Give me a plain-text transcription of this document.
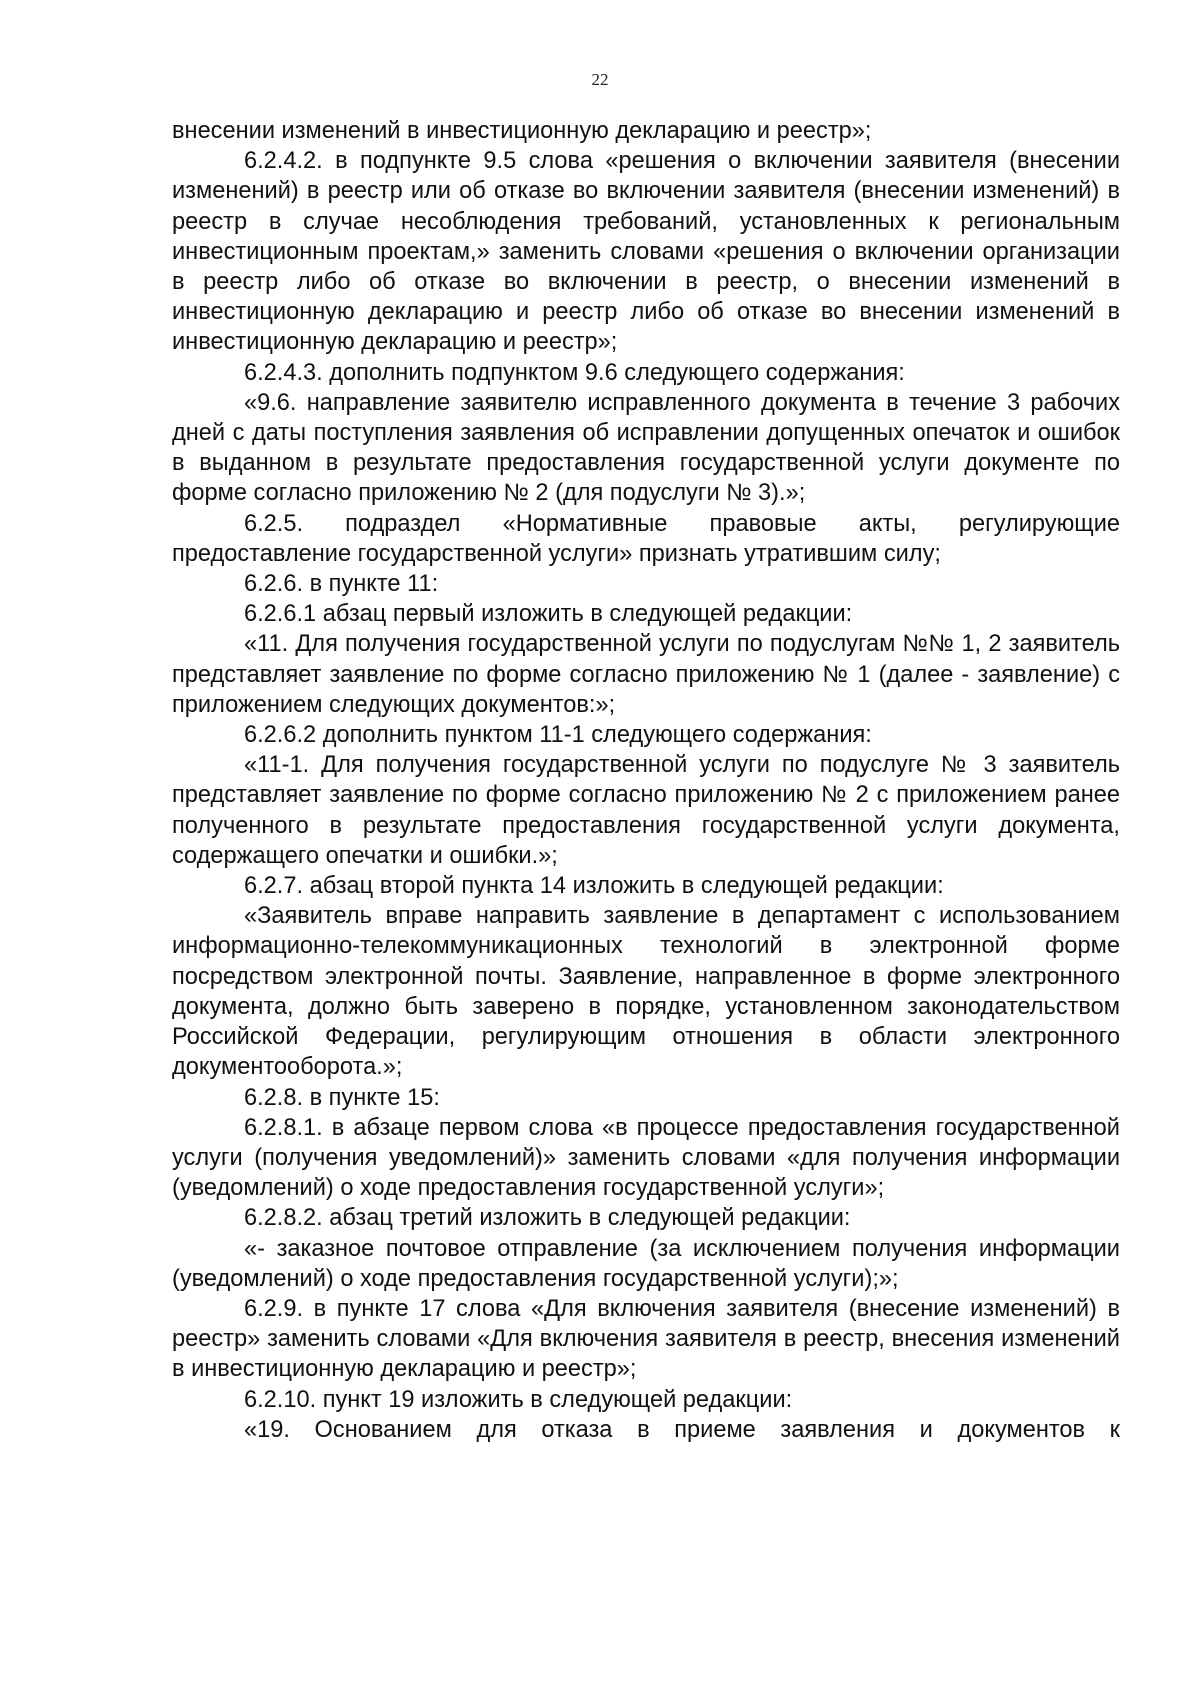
22

внесении изменений в инвестиционную декларацию и реестр»;

6.2.4.2. в подпункте 9.5 слова «решения о включении заявителя (внесении изменений) в реестр или об отказе во включении заявителя (внесении изменений) в реестр в случае несоблюдения требований, установленных к региональным инвестиционным проектам,» заменить словами «решения о включении организации в реестр либо об отказе во включении в реестр, о внесении изменений в инвестиционную декларацию и реестр либо об отказе во внесении изменений в инвестиционную декларацию и реестр»;

6.2.4.3. дополнить подпунктом 9.6 следующего содержания:

«9.6. направление заявителю исправленного документа в течение 3 рабочих дней с даты поступления заявления об исправлении допущенных опечаток и ошибок в выданном в результате предоставления государственной услуги документе по форме согласно приложению № 2 (для подуслуги № 3).»;

6.2.5. подраздел «Нормативные правовые акты, регулирующие предоставление государственной услуги» признать утратившим силу;

6.2.6. в пункте 11:

6.2.6.1 абзац первый изложить в следующей редакции:

«11. Для получения государственной услуги по подуслугам №№ 1, 2 заявитель представляет заявление по форме согласно приложению № 1 (далее - заявление) с приложением следующих документов:»;

6.2.6.2 дополнить пунктом 11-1 следующего содержания:

«11-1. Для получения государственной услуги по подуслуге № 3 заявитель представляет заявление по форме согласно приложению № 2 с приложением ранее полученного в результате предоставления государственной услуги документа, содержащего опечатки и ошибки.»;

6.2.7. абзац второй пункта 14 изложить в следующей редакции:

«Заявитель вправе направить заявление в департамент с использованием информационно-телекоммуникационных технологий в электронной форме посредством электронной почты. Заявление, направленное в форме электронного документа, должно быть заверено в порядке, установленном законодательством Российской Федерации, регулирующим отношения в области электронного документооборота.»;

6.2.8. в пункте 15:

6.2.8.1. в абзаце первом слова «в процессе предоставления государственной услуги (получения уведомлений)» заменить словами «для получения информации (уведомлений) о ходе предоставления государственной услуги»;

6.2.8.2. абзац третий изложить в следующей редакции:

«- заказное почтовое отправление (за исключением получения информации (уведомлений) о ходе предоставления государственной услуги);»;

6.2.9. в пункте 17 слова «Для включения заявителя (внесение изменений) в реестр» заменить словами «Для включения заявителя в реестр, внесения изменений в инвестиционную декларацию и реестр»;

6.2.10. пункт 19 изложить в следующей редакции:

«19. Основанием для отказа в приеме заявления и документов к
